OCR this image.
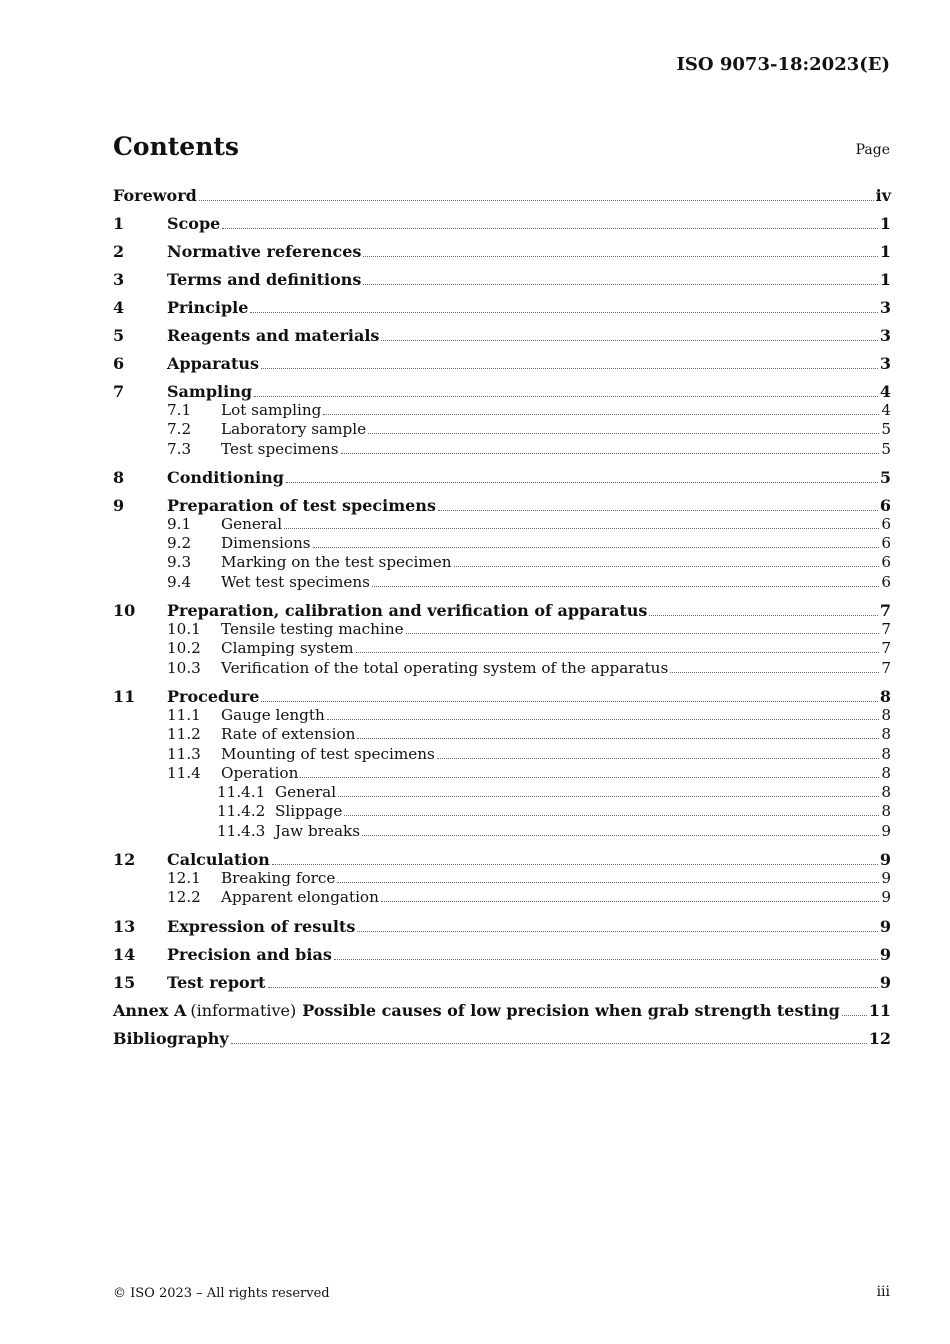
ISO 9073-18:2023(E)
Contents	Page
Foreword	iv
1	Scope	1
2	Normative references	1
3	Terms and definitions	1
4	Principle	3
5	Reagents and materials	3
6	Apparatus	3
7	Sampling	4
7.1	Lot sampling	4
7.2	Laboratory sample	5
7.3	Test specimens	5
8	Conditioning	5
9	Preparation of test specimens	6
9.1	General	6
9.2	Dimensions	6
9.3	Marking on the test specimen	6
9.4	Wet test specimens	6
10	Preparation, calibration and verification of apparatus	7
10.1	Tensile testing machine	7
10.2	Clamping system	7
10.3	Verification of the total operating system of the apparatus	7
11	Procedure	8
11.1	Gauge length	8
11.2	Rate of extension	8
11.3	Mounting of test specimens	8
11.4	Operation	8
11.4.1 General	8
11.4.2 Slippage	8
11.4.3 Jaw breaks	9
12	Calculation	9
12.1	Breaking force	9
12.2	Apparent elongation	9
13	Expression of results	9
14	Precision and bias	9
15	Test report	9
Annex A (informative) Possible causes of low precision when grab strength testing 11
Bibliography	12
© ISO 2023 – All rights reserved	iii
